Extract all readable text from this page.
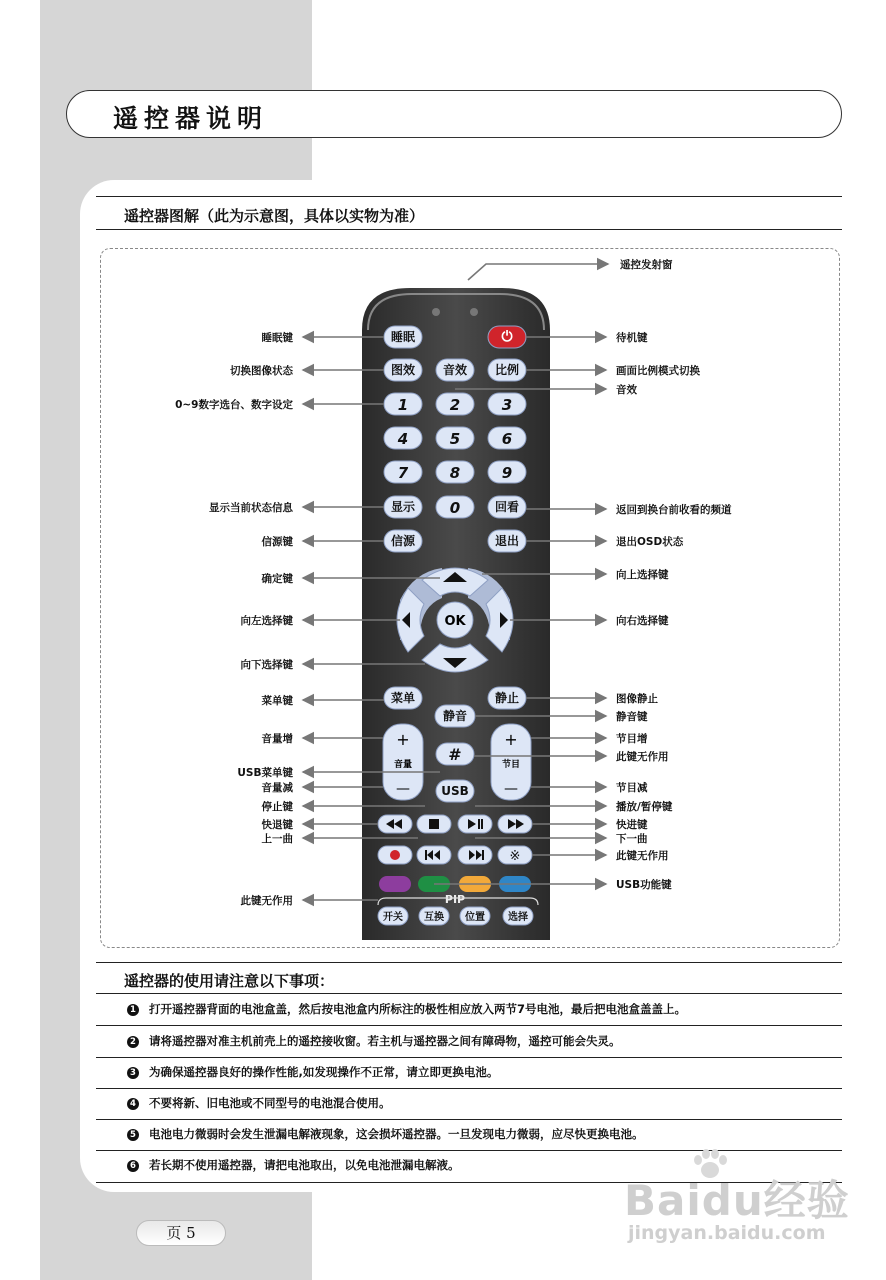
遥控器说明
遥控器图解（此为示意图，具体以实物为准）
OK
睡眠	⏻
图效 音效 比例
1	2	3
4	5	6
7	8	9
显示 0	回看
信源	退出
菜单	静止
静音
+
音量
—
+
节目
—
#
USB
※
PIP
开关 互换 位置 选择
睡眠键
切换图像状态
0~9数字选台、数字设定
显示当前状态信息
信源键
确定键
向左选择键
向下选择键
菜单键
音量增
USB菜单键
音量减
停止键
快退键
上一曲
此键无作用
遥控发射窗
待机键
画面比例模式切换
音效
返回到换台前收看的频道
退出OSD状态
向上选择键
向右选择键
图像静止
静音键
节目增
此键无作用
节目减
播放/暂停键
快进键
下一曲
此键无作用
USB功能键
遥控器的使用请注意以下事项：
1 打开遥控器背面的电池盒盖，然后按电池盒内所标注的极性相应放入两节7号电池，最后把电池盒盖盖上。
2 请将遥控器对准主机前壳上的遥控接收窗。若主机与遥控器之间有障碍物，遥控可能会失灵。
3 为确保遥控器良好的操作性能,如发现操作不正常，请立即更换电池。
4 不要将新、旧电池或不同型号的电池混合使用。
5 电池电力微弱时会发生泄漏电解液现象，这会损坏遥控器。一旦发现电力微弱，应尽快更换电池。
6 若长期不使用遥控器，请把电池取出，以免电池泄漏电解液。
页 5
Baidu经验
jingyan.baidu.com
